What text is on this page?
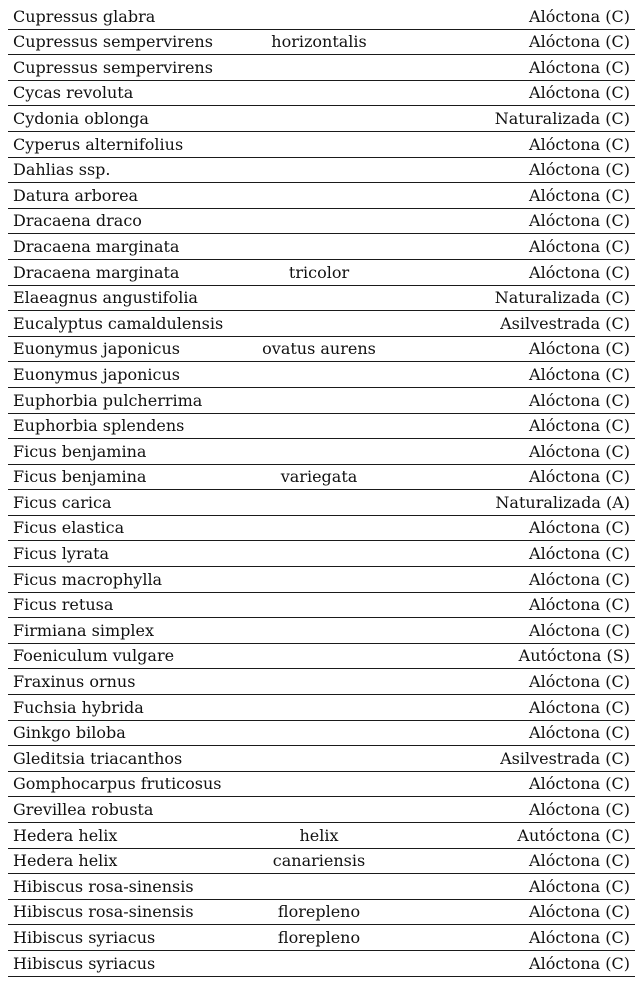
Cupressus glabra	Alóctona (C)
Cupressus sempervirens	horizontalis	Alóctona (C)
Cupressus sempervirens	Alóctona (C)
Cycas revoluta	Alóctona (C)
Cydonia oblonga	Naturalizada (C)
Cyperus alternifolius	Alóctona (C)
Dahlias ssp.	Alóctona (C)
Datura arborea	Alóctona (C)
Dracaena draco	Alóctona (C)
Dracaena marginata	Alóctona (C)
Dracaena marginata	tricolor	Alóctona (C)
Elaeagnus angustifolia	Naturalizada (C)
Eucalyptus camaldulensis	Asilvestrada (C)
Euonymus japonicus	ovatus aurens	Alóctona (C)
Euonymus japonicus	Alóctona (C)
Euphorbia pulcherrima	Alóctona (C)
Euphorbia splendens	Alóctona (C)
Ficus benjamina	Alóctona (C)
Ficus benjamina	variegata	Alóctona (C)
Ficus carica	Naturalizada (A)
Ficus elastica	Alóctona (C)
Ficus lyrata	Alóctona (C)
Ficus macrophylla	Alóctona (C)
Ficus retusa	Alóctona (C)
Firmiana simplex	Alóctona (C)
Foeniculum vulgare	Autóctona (S)
Fraxinus ornus	Alóctona (C)
Fuchsia hybrida	Alóctona (C)
Ginkgo biloba	Alóctona (C)
Gleditsia triacanthos	Asilvestrada (C)
Gomphocarpus fruticosus	Alóctona (C)
Grevillea robusta	Alóctona (C)
Hedera helix	helix	Autóctona (C)
Hedera helix	canariensis	Alóctona (C)
Hibiscus rosa-sinensis	Alóctona (C)
Hibiscus rosa-sinensis	florepleno	Alóctona (C)
Hibiscus syriacus	florepleno	Alóctona (C)
Hibiscus syriacus	Alóctona (C)
